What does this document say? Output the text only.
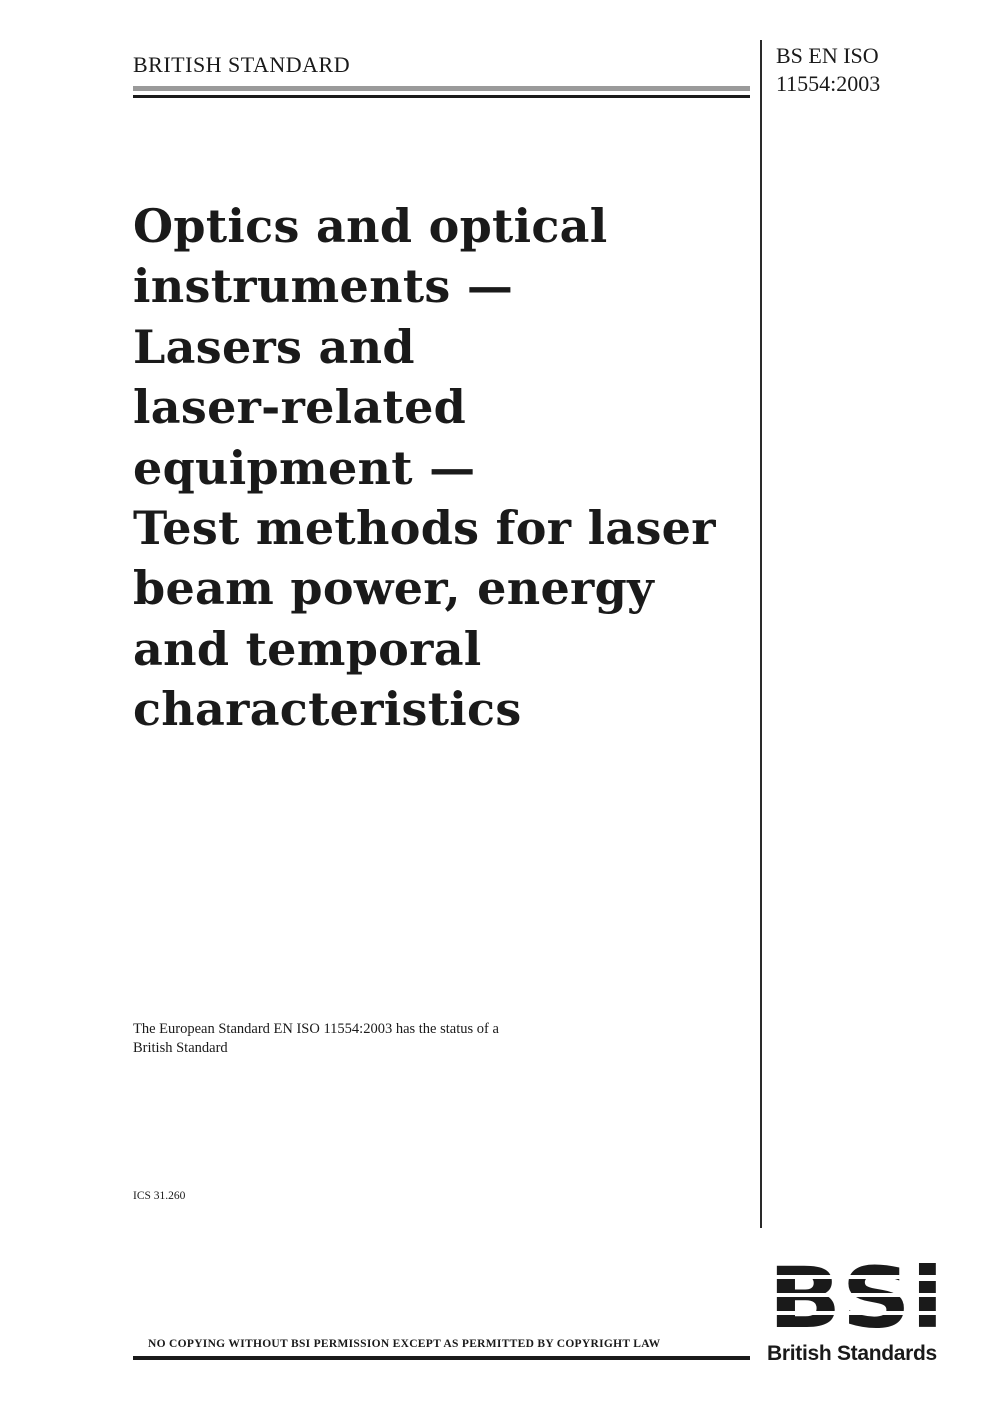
BRITISH STANDARD	BS EN ISO
11554:2003
Optics and optical
instruments —
Lasers and
laser-related
equipment —
Test methods for laser
beam power, energy
and temporal
characteristics
The European Standard EN ISO 11554:2003 has the status of a
British Standard
ICS 31.260
NO COPYING WITHOUT BSI PERMISSION EXCEPT AS PERMITTED BY COPYRIGHT LAW	British Standards
